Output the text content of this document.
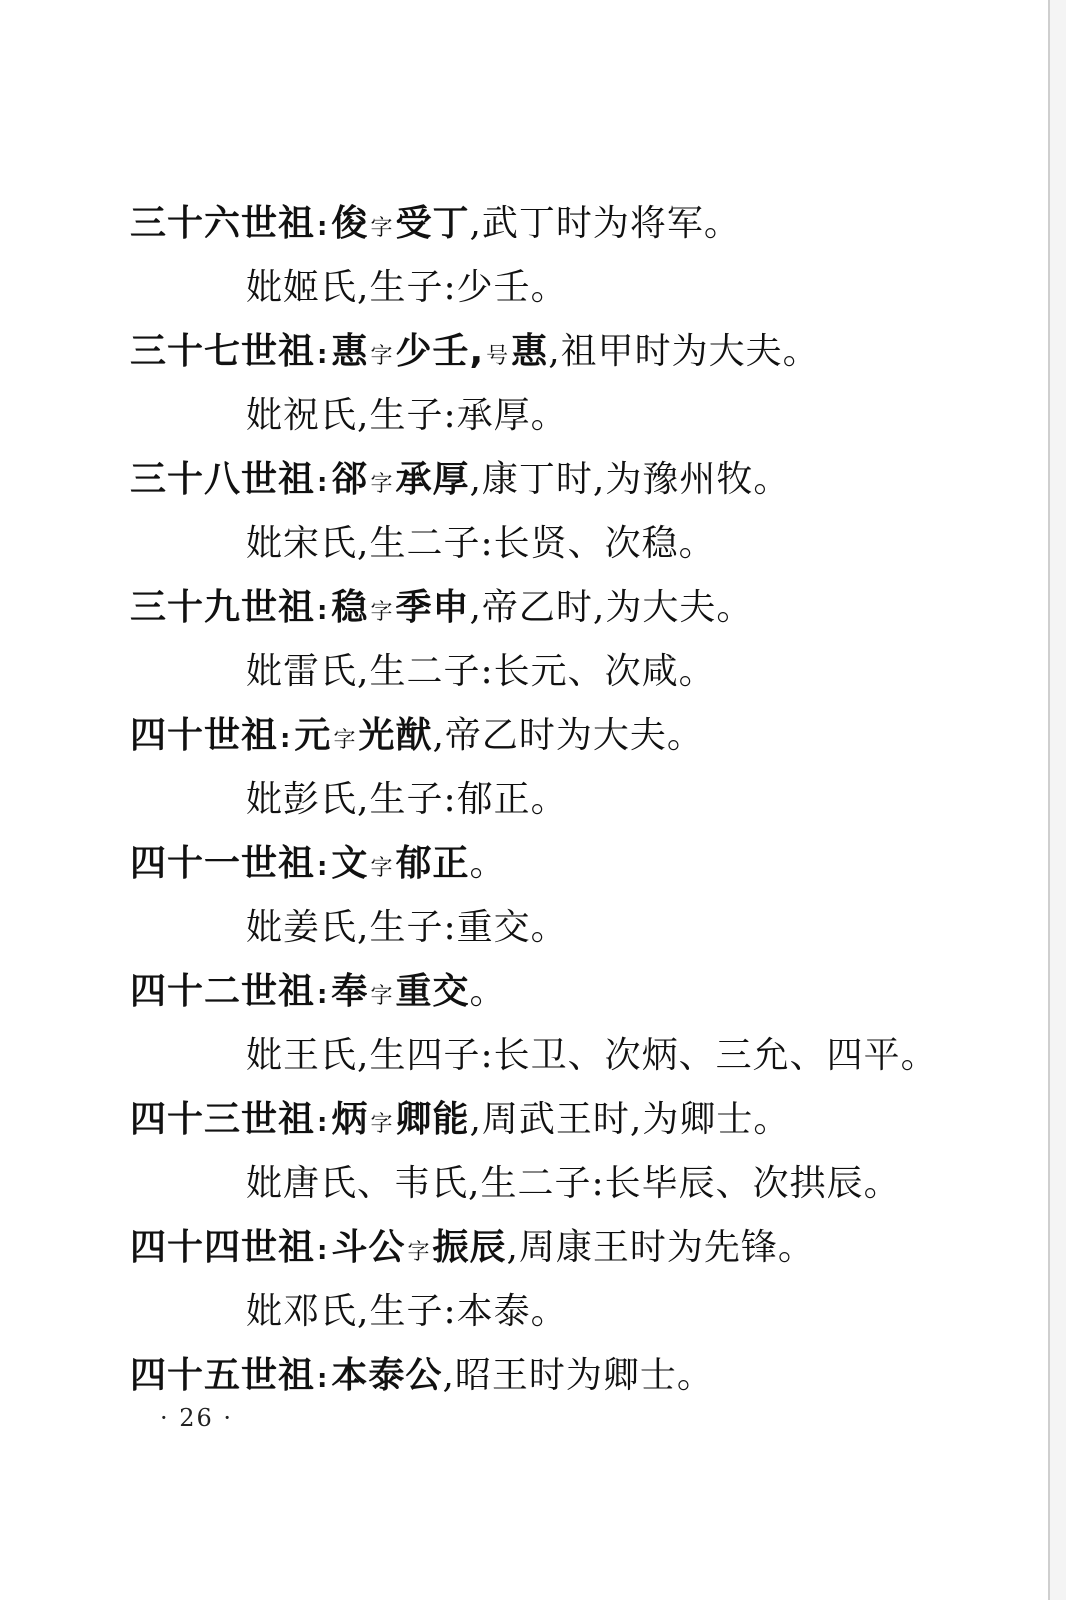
三十六世祖:俊字受丁,武丁时为将军。
妣姬氏,生子:少壬。
三十七世祖:惠字少壬,号惠,祖甲时为大夫。
妣祝氏,生子:承厚。
三十八世祖:郤字承厚,康丁时,为豫州牧。
妣宋氏,生二子:长贤、次稳。
三十九世祖:稳字季申,帝乙时,为大夫。
妣雷氏,生二子:长元、次咸。
四十世祖:元字光猷,帝乙时为大夫。
妣彭氏,生子:郁正。
四十一世祖:文字郁正。
妣姜氏,生子:重交。
四十二世祖:奉字重交。
妣王氏,生四子:长卫、次炳、三允、四平。
四十三世祖:炳字卿能,周武王时,为卿士。
妣唐氏、韦氏,生二子:长毕辰、次拱辰。
四十四世祖:斗公字振辰,周康王时为先锋。
妣邓氏,生子:本泰。
四十五世祖:本泰公,昭王时为卿士。
· 26 ·
